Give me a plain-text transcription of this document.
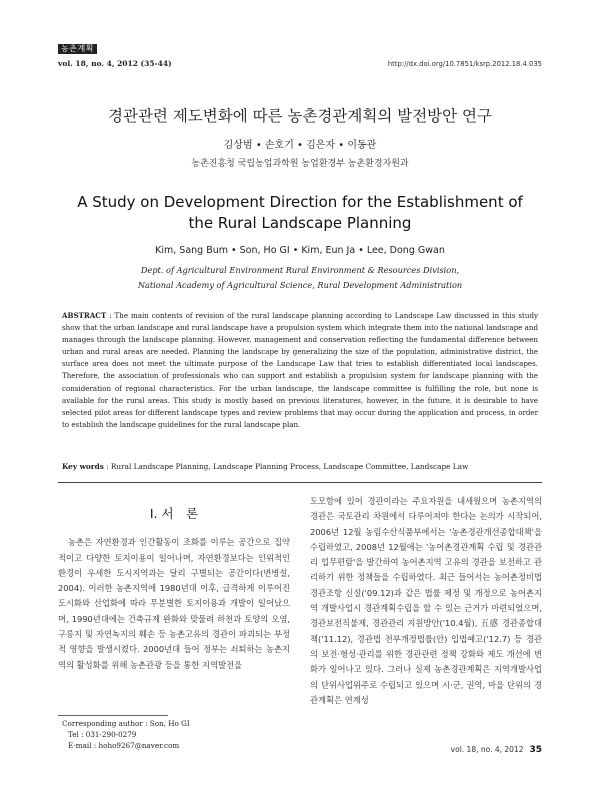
농촌계획
vol. 18, no. 4, 2012 (35-44)	http://dx.doi.org/10.7851/ksrp.2012.18.4.035
경관관련 제도변화에 따른 농촌경관계획의 발전방안 연구
김상범 • 손호기 • 김은자 • 이동관
농촌진흥청 국립농업과학원 농업환경부 농촌환경자원과
A Study on Development Direction for the Establishment of
the Rural Landscape Planning
Kim, Sang Bum • Son, Ho GI • Kim, Eun Ja • Lee, Dong Gwan
Dept. of Agricultural Environment Rural Environment & Resources Division,
National Academy of Agricultural Science, Rural Development Administration
ABSTRACT : The main contents of revision of the rural landscape planning according to Landscape Law discussed in this study show that the urban landscape and rural landscape have a propulsion system which integrate them into the national landscape and manages through the landscape planning. However, management and conservation reflecting the fundamental difference between urban and rural areas are needed. Planning the landscape by generalizing the size of the population, administrative district, the surface area does not meet the ultimate purpose of the Landscape Law that tries to establish differentiated local landscapes. Therefore, the association of professionals who can support and establish a propulsion system for landscape planning with the consideration of regional characteristics. For the urban landscape, the landscape committee is fulfilling the role, but none is available for the rural areas. This study is mostly based on previous literatures, however, in the future, it is desirable to have selected pilot areas for different landscape types and review problems that may occur during the application and process, in order to establish the landscape guidelines for the rural landscape plan.
Key words : Rural Landscape Planning, Landscape Planning Process, Landscape Committee, Landscape Law
Ⅰ. 서　론

농촌은 자연환경과 인간활동이 조화를 이루는 공간으로 집약적이고 다양한 토지이용이 일어나며, 자연환경보다는 인위적인 환경이 우세한 도시지역과는 달리 구별되는 공간이다(변병설, 2004). 이러한 농촌지역에 1980년대 이후, 급격하게 이루어진 도시화와 산업화에 따라 무분별한 토지이용과 개발이 일어났으며, 1990년대에는 건축규제 완화와 맞물려 하천과 토양의 오염, 구릉지 및 자연녹지의 훼손 등 농촌고유의 경관이 파괴되는 부정적 영향을 발생시켰다. 2000년대 들어 정부는 쇠퇴하는 농촌지역의 활성화를 위해 농촌관광 등을 통한 지역발전을

도모함에 있어 경관이라는 주요자원을 내세웠으며 농촌지역의 경관은 국토관리 차원에서 다루어져야 한다는 논의가 시작되어, 2006년 12월 농림수산식품부에서는 '농촌경관개선종합대책'을 수립하였고, 2008년 12월에는 '농어촌경관계획 수립 및 경관관리 업무편람'을 발간하여 농어촌지역 고유의 경관을 보전하고 관리하기 위한 정책들을 수립하였다. 최근 들어서는 농어촌정비법 경관조항 신설('09.12)과 같은 법률 제정 및 개정으로 농어촌지역 개발사업시 경관계획수립을 할 수 있는 근거가 마련되었으며, 경관보전직불제, 경관관리 지원방안('10.4월), 五感 경관종합대책('11.12), 경관법 전부개정법률(안) 입법예고('12.7) 등 경관의 보전·형성·관리를 위한 경관관련 정책 강화와 제도 개선에 변화가 일어나고 있다. 그러나 실제 농촌경관계획은 지역개발사업의 단위사업위주로 수립되고 있으며 시·군, 권역, 마을 단위의 경관계획은 연계성

Corresponding author : Son, Ho GI
Tel : 031-290-0279
E-mail : hoho9267@naver.com	vol. 18, no. 4, 2012 35
